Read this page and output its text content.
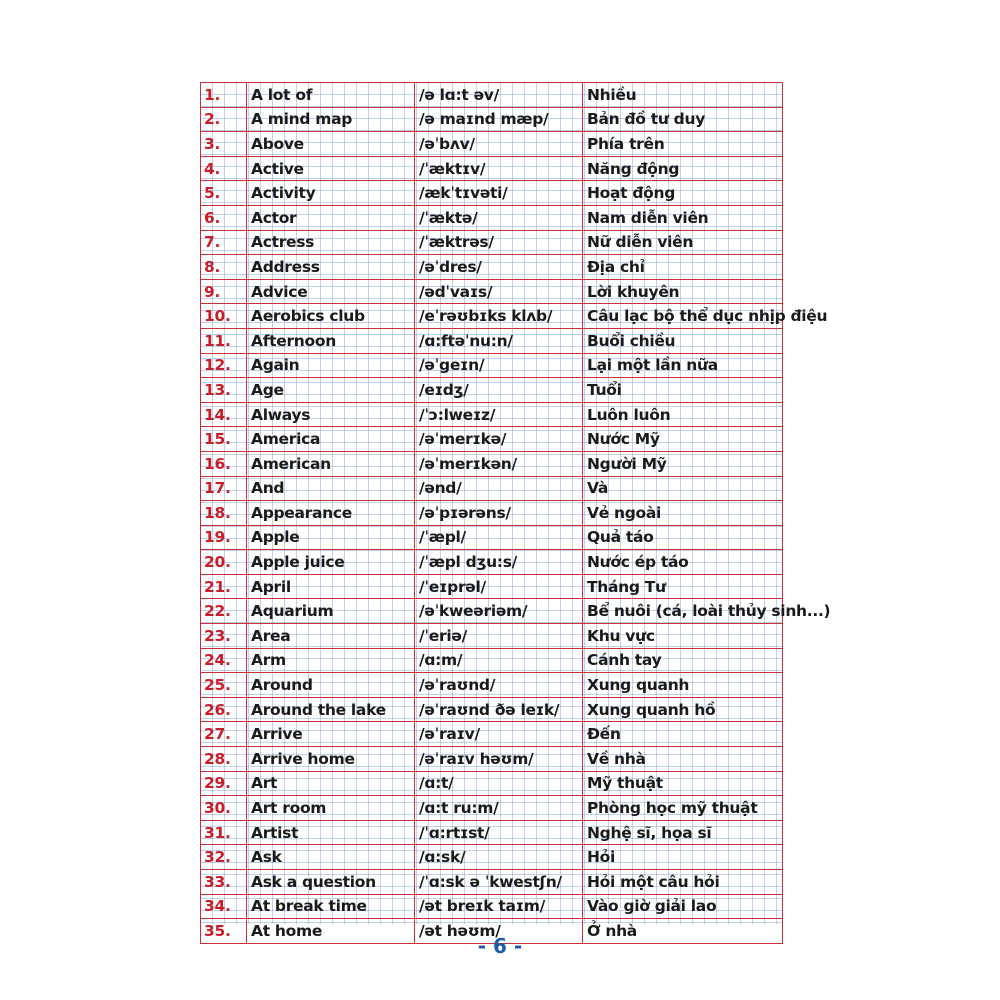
1.	A lot of	/ə lɑ:t əv/	Nhiều
2.	A mind map	/ə maɪnd mæp/	Bản đồ tư duy
3.	Above	/əˈbʌv/	Phía trên
4.	Active	/ˈæktɪv/	Năng động
5.	Activity	/ækˈtɪvəti/	Hoạt động
6.	Actor	/ˈæktə/	Nam diễn viên
7.	Actress	/ˈæktrəs/	Nữ diễn viên
8.	Address	/əˈdres/	Địa chỉ
9.	Advice	/ədˈvaɪs/	Lời khuyên
10.	Aerobics club	/eˈrəʊbɪks klʌb/	Câu lạc bộ thể dục nhịp điệu
11.	Afternoon	/ɑ:ftəˈnu:n/	Buổi chiều
12.	Again	/əˈgeɪn/	Lại một lần nữa
13.	Age	/eɪdʒ/	Tuổi
14.	Always	/ˈɔ:lweɪz/	Luôn luôn
15.	America	/əˈmerɪkə/	Nước Mỹ
16.	American	/əˈmerɪkən/	Người Mỹ
17.	And	/ənd/	Và
18.	Appearance	/əˈpɪərəns/	Vẻ ngoài
19.	Apple	/ˈæpl/	Quả táo
20.	Apple juice	/ˈæpl dʒu:s/	Nước ép táo
21.	April	/ˈeɪprəl/	Tháng Tư
22.	Aquarium	/əˈkweəriəm/	Bể nuôi (cá, loài thủy sinh...)
23.	Area	/ˈeriə/	Khu vực
24.	Arm	/ɑ:m/	Cánh tay
25.	Around	/əˈraʊnd/	Xung quanh
26.	Around the lake	/əˈraʊnd ðə leɪk/	Xung quanh hồ
27.	Arrive	/əˈraɪv/	Đến
28.	Arrive home	/əˈraɪv həʊm/	Về nhà
29.	Art	/ɑ:t/	Mỹ thuật
30.	Art room	/ɑ:t ru:m/	Phòng học mỹ thuật
31.	Artist	/ˈɑ:rtɪst/	Nghệ sĩ, họa sĩ
32.	Ask	/ɑ:sk/	Hỏi
33.	Ask a question	/ˈɑ:sk ə ˈkwestʃn/	Hỏi một câu hỏi
34.	At break time	/ət breɪk taɪm/	Vào giờ giải lao
35.	At home	/ət həʊm/	Ở nhà
- 6 -
